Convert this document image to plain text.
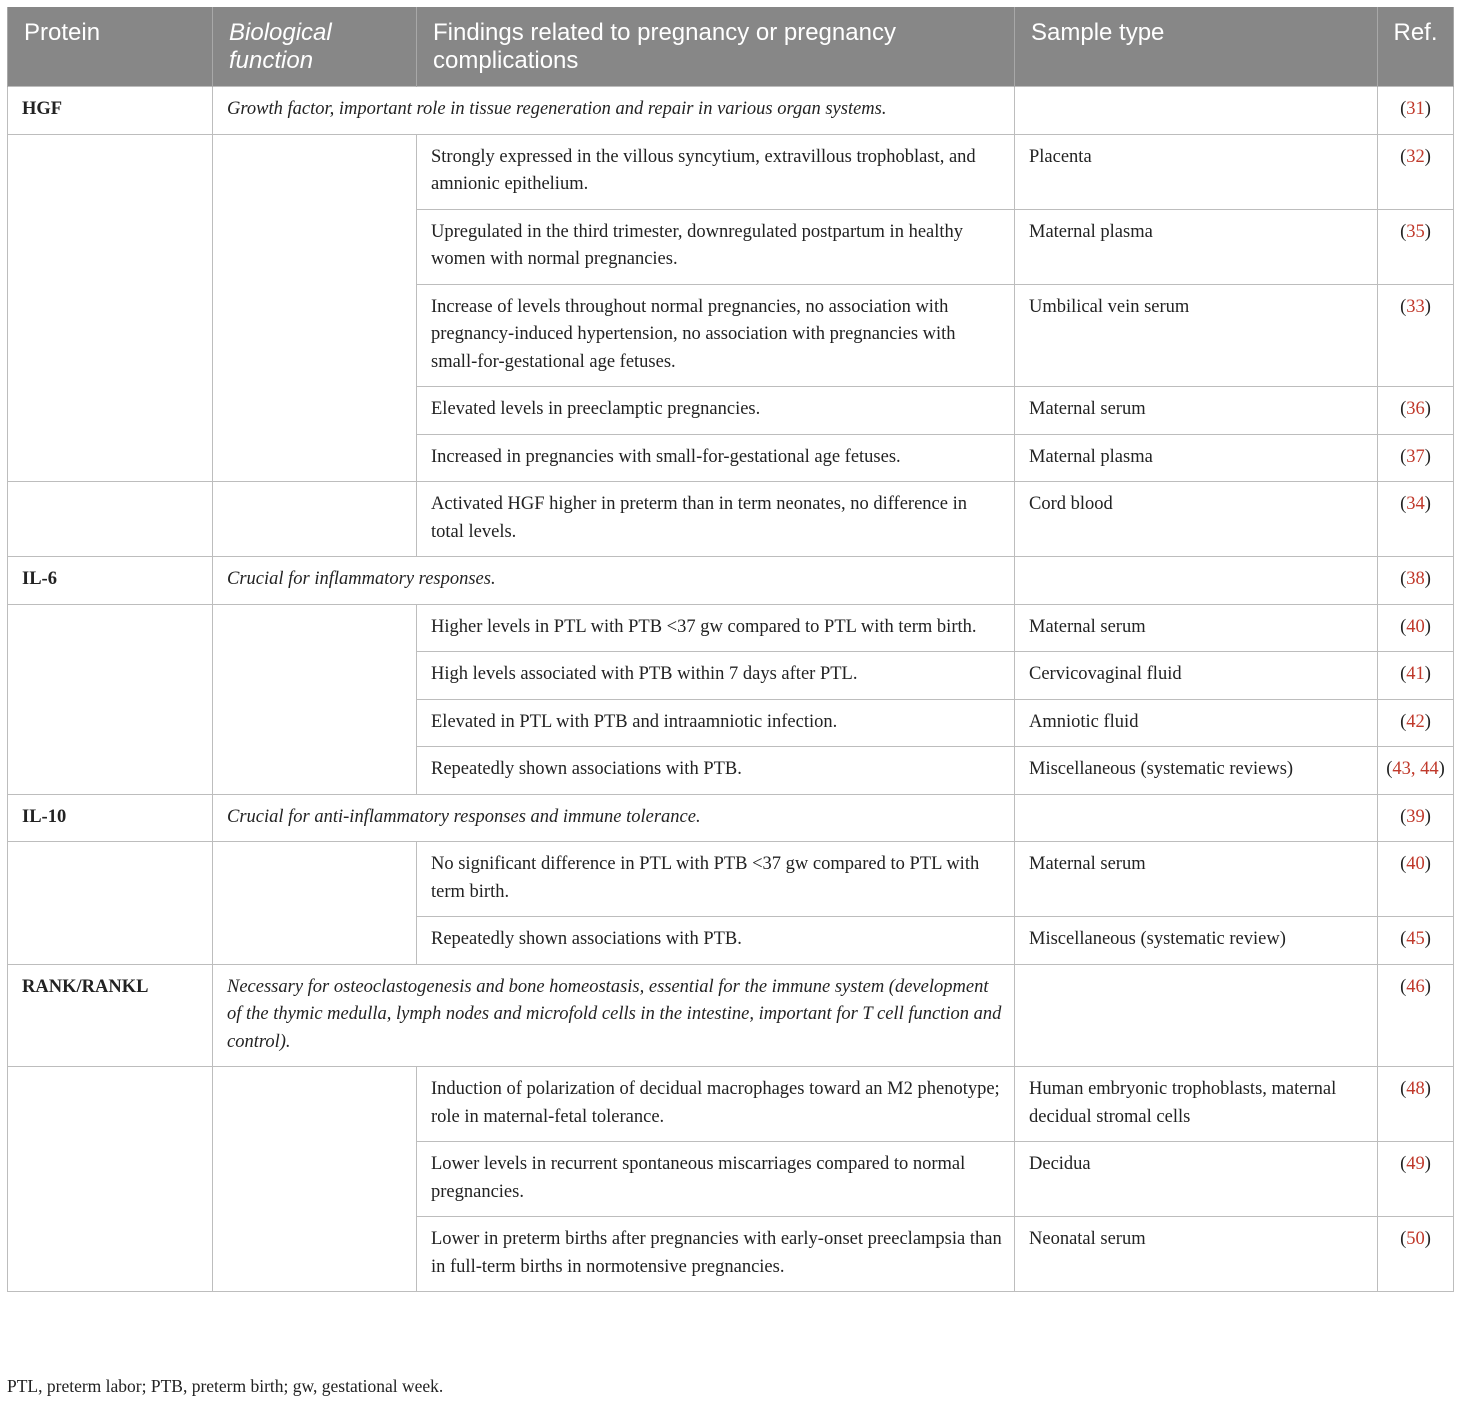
Protein	Biological function	Findings related to pregnancy or pregnancy complications	Sample type	Ref.
HGF	Growth factor, important role in tissue regeneration and repair in various organ systems.			(31)
		Strongly expressed in the villous syncytium, extravillous trophoblast, and amnionic epithelium.	Placenta	(32)
		Upregulated in the third trimester, downregulated postpartum in healthy women with normal pregnancies.	Maternal plasma	(35)
		Increase of levels throughout normal pregnancies, no association with pregnancy-induced hypertension, no association with pregnancies with small-for-gestational age fetuses.	Umbilical vein serum	(33)
		Elevated levels in preeclamptic pregnancies.	Maternal serum	(36)
		Increased in pregnancies with small-for-gestational age fetuses.	Maternal plasma	(37)
		Activated HGF higher in preterm than in term neonates, no difference in total levels.	Cord blood	(34)
IL-6	Crucial for inflammatory responses.			(38)
		Higher levels in PTL with PTB <37 gw compared to PTL with term birth.	Maternal serum	(40)
		High levels associated with PTB within 7 days after PTL.	Cervicovaginal fluid	(41)
		Elevated in PTL with PTB and intraamniotic infection.	Amniotic fluid	(42)
		Repeatedly shown associations with PTB.	Miscellaneous (systematic reviews)	(43, 44)
IL-10	Crucial for anti-inflammatory responses and immune tolerance.			(39)
		No significant difference in PTL with PTB <37 gw compared to PTL with term birth.	Maternal serum	(40)
		Repeatedly shown associations with PTB.	Miscellaneous (systematic review)	(45)
RANK/RANKL	Necessary for osteoclastogenesis and bone homeostasis, essential for the immune system (development of the thymic medulla, lymph nodes and microfold cells in the intestine, important for T cell function and control).			(46)
		Induction of polarization of decidual macrophages toward an M2 phenotype; role in maternal-fetal tolerance.	Human embryonic trophoblasts, maternal decidual stromal cells	(48)
		Lower levels in recurrent spontaneous miscarriages compared to normal pregnancies.	Decidua	(49)
		Lower in preterm births after pregnancies with early-onset preeclampsia than in full-term births in normotensive pregnancies.	Neonatal serum	(50)
PTL, preterm labor; PTB, preterm birth; gw, gestational week.
